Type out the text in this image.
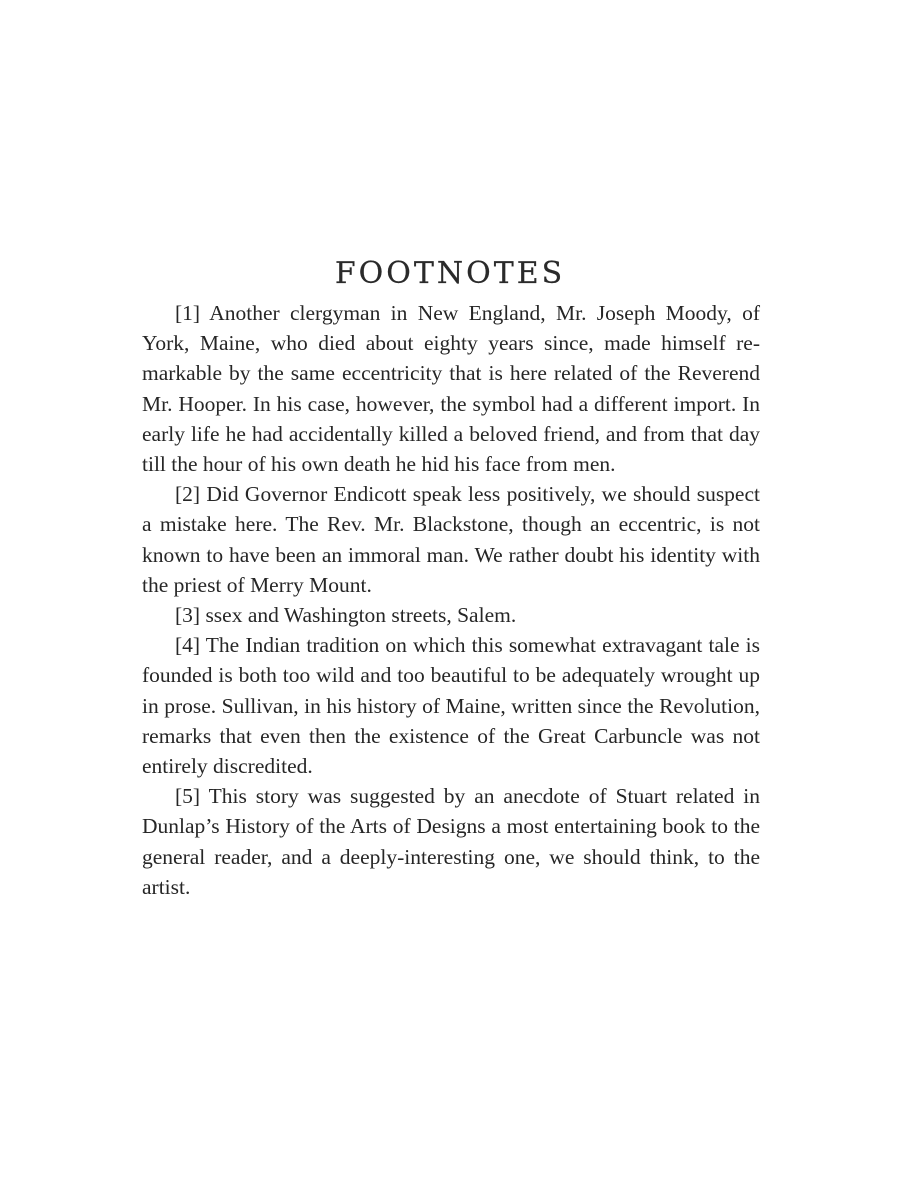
FOOTNOTES

[1] Another clergyman in New England, Mr. Joseph Moody, of York, Maine, who died about eighty years since, made himself remarkable by the same eccentricity that is here related of the Reverend Mr. Hooper. In his case, however, the symbol had a different import. In early life he had accidentally killed a beloved friend, and from that day till the hour of his own death he hid his face from men.

[2] Did Governor Endicott speak less positively, we should suspect a mistake here. The Rev. Mr. Blackstone, though an eccentric, is not known to have been an immoral man. We rather doubt his identity with the priest of Merry Mount.

[3] ssex and Washington streets, Salem.

[4] The Indian tradition on which this somewhat extravagant tale is founded is both too wild and too beautiful to be adequately wrought up in prose. Sullivan, in his history of Maine, written since the Revolution, remarks that even then the existence of the Great Carbuncle was not entirely discredited.

[5] This story was suggested by an anecdote of Stuart related in Dunlap’s History of the Arts of Designs a most entertaining book to the general reader, and a deeply-interesting one, we should think, to the artist.
